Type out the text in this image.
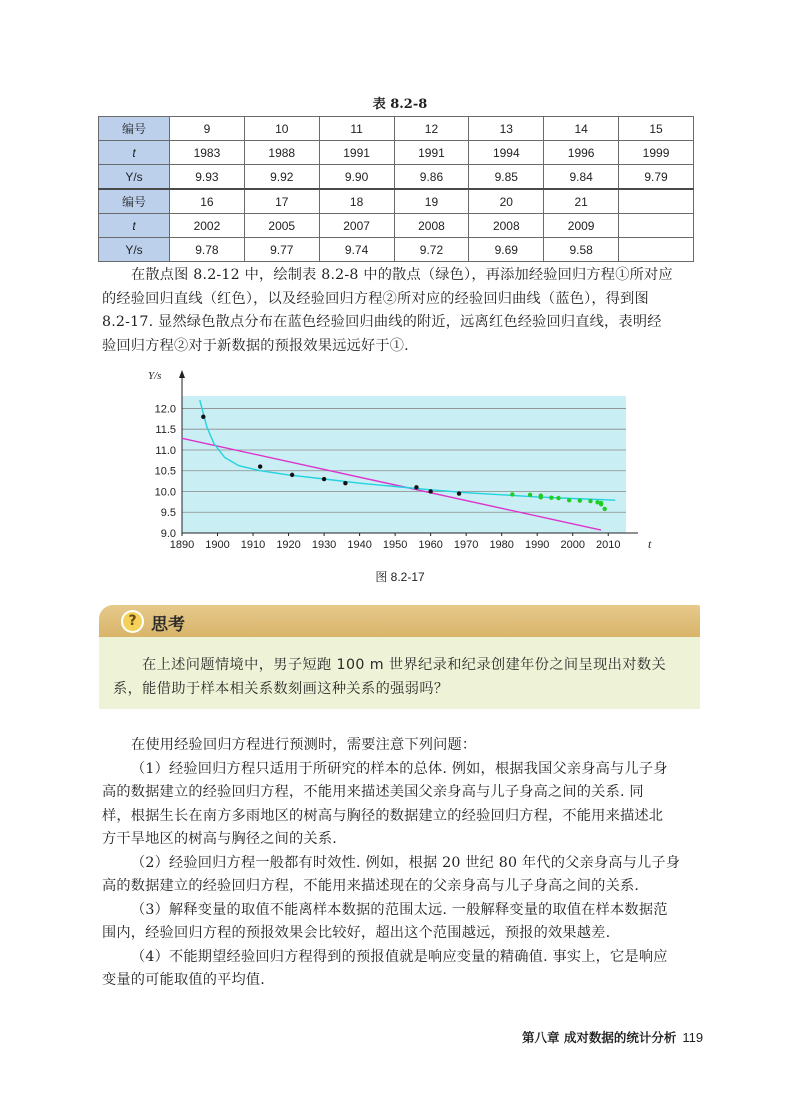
表 8.2-8
编号	9	10	11	12	13	14	15
t	1983	1988	1991	1991	1994	1996	1999
Y/s	9.93	9.92	9.90	9.86	9.85	9.84	9.79
编号	16	17	18	19	20	21	
t	2002	2005	2007	2008	2008	2009	
Y/s	9.78	9.77	9.74	9.72	9.69	9.58	
在散点图 8.2-12 中，绘制表 8.2-8 中的散点（绿色），再添加经验回归方程①所对应
的经验回归直线（红色），以及经验回归方程②所对应的经验回归曲线（蓝色），得到图
8.2-17. 显然绿色散点分布在蓝色经验回归曲线的附近，远离红色经验回归直线，表明经
验回归方程②对于新数据的预报效果远远好于①.
9.0
9.5
10.0
10.5
11.0
11.5
12.0
1890 1900 1910 1920 1930 1940 1950 1960 1970 1980 1990 2000 2010
Y/s
t
图 8.2-17
? 思考
在上述问题情境中，男子短跑 100 m 世界纪录和纪录创建年份之间呈现出对数关系，能借助于样本相关系数刻画这种关系的强弱吗？
在使用经验回归方程进行预测时，需要注意下列问题：
（1）经验回归方程只适用于所研究的样本的总体. 例如，根据我国父亲身高与儿子身
高的数据建立的经验回归方程，不能用来描述美国父亲身高与儿子身高之间的关系. 同
样，根据生长在南方多雨地区的树高与胸径的数据建立的经验回归方程，不能用来描述北
方干旱地区的树高与胸径之间的关系.
（2）经验回归方程一般都有时效性. 例如，根据 20 世纪 80 年代的父亲身高与儿子身
高的数据建立的经验回归方程，不能用来描述现在的父亲身高与儿子身高之间的关系.
（3）解释变量的取值不能离样本数据的范围太远. 一般解释变量的取值在样本数据范
围内，经验回归方程的预报效果会比较好，超出这个范围越远，预报的效果越差.
（4）不能期望经验回归方程得到的预报值就是响应变量的精确值. 事实上，它是响应
变量的可能取值的平均值.
第八章 成对数据的统计分析 119
